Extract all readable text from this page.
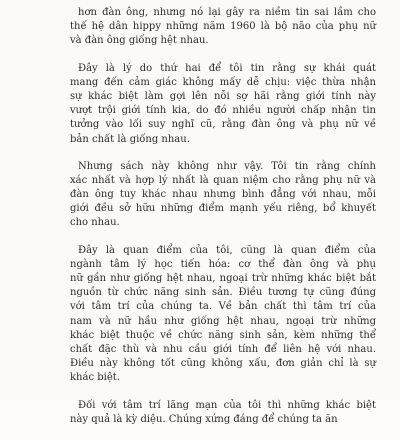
hơn đàn ông, nhưng nó lại gây ra niềm tin sai lầm cho
thế hệ dân hippy những năm 1960 là bộ não của phụ nữ
và đàn ông giống hệt nhau.

Đây là lý do thứ hai để tôi tin rằng sự khái quát
mang đến cảm giác không mấy dễ chịu: việc thừa nhận
sự khác biệt làm gợi lên nỗi sợ hãi rằng giới tính này
vượt trội giới tính kia, do đó nhiều người chấp nhận tin
tưởng vào lối suy nghĩ cũ, rằng đàn ông và phụ nữ về
bản chất là giống nhau.

Nhưng sách này không như vậy. Tôi tin rằng chính
xác nhất và hợp lý nhất là quan niệm cho rằng phụ nữ và
đàn ông tuy khác nhau nhưng bình đẳng với nhau, mỗi
giới đều sở hữu những điểm mạnh yếu riêng, bổ khuyết
cho nhau.

Đây là quan điểm của tôi, cũng là quan điểm của
ngành tâm lý học tiến hóa: cơ thể đàn ông và phụ
nữ gần như giống hệt nhau, ngoại trừ những khác biệt bắt
nguồn từ chức năng sinh sản. Điều tương tự cũng đúng
với tâm trí của chúng ta. Về bản chất thì tâm trí của
nam và nữ hầu như giống hệt nhau, ngoại trừ những
khác biệt thuộc về chức năng sinh sản, kèm những thể
chất đặc thù và nhu cầu giới tính để liên hệ với nhau.
Điều này không tốt cũng không xấu, đơn giản chỉ là sự
khác biệt.

Đối với tâm trí lãng mạn của tôi thì những khác biệt
này quả là kỳ diệu. Chúng xứng đáng để chúng ta ăn
